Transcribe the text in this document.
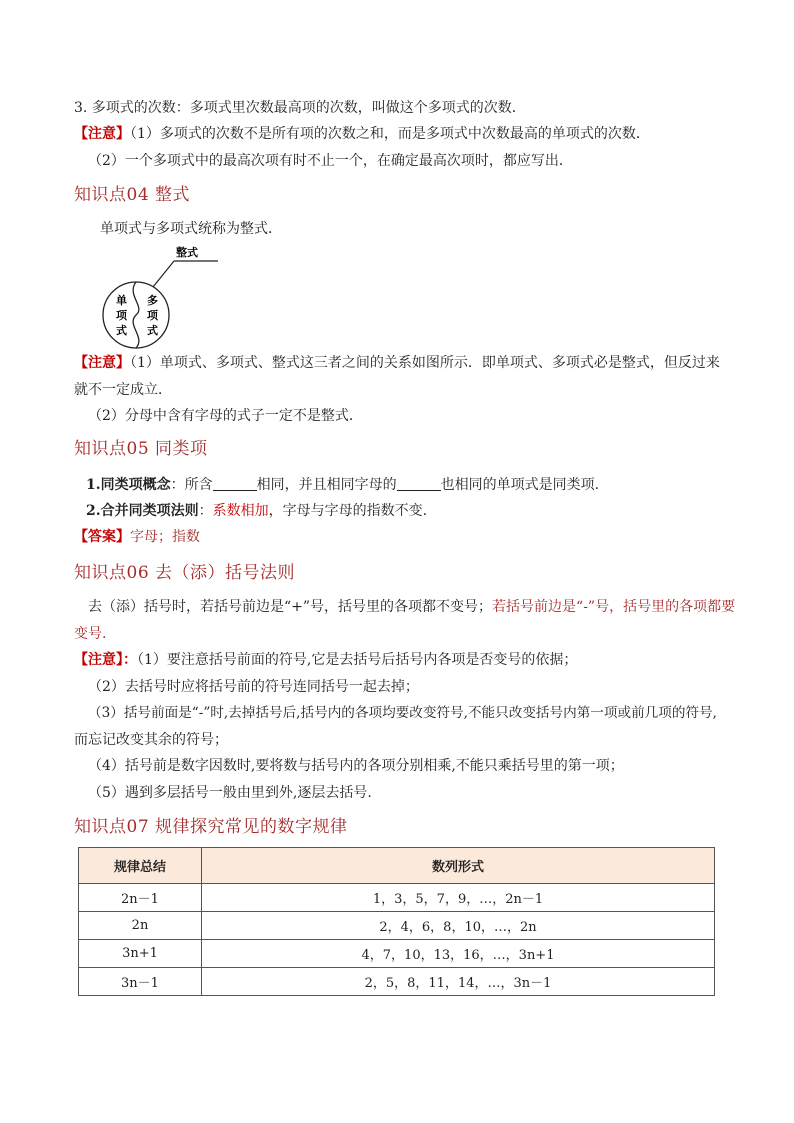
3. 多项式的次数：多项式里次数最高项的次数，叫做这个多项式的次数．
【注意】（1）多项式的次数不是所有项的次数之和，而是多项式中次数最高的单项式的次数．
（2）一个多项式中的最高次项有时不止一个，在确定最高次项时，都应写出．
知识点04 整式
单项式与多项式统称为整式．
整式
单项式
多项式
【注意】（1）单项式、多项式、整式这三者之间的关系如图所示．即单项式、多项式必是整式，但反过来
就不一定成立．
（2）分母中含有字母的式子一定不是整式．
知识点05 同类项
1.同类项概念：所含	相同，并且相同字母的	也相同的单项式是同类项.
2.合并同类项法则：系数相加，字母与字母的指数不变.
【答案】字母；指数
知识点06 去（添）括号法则
去（添）括号时，若括号前边是“+”号，括号里的各项都不变号；若括号前边是“-”号，括号里的各项都要
变号.
【注意】：（1）要注意括号前面的符号,它是去括号后括号内各项是否变号的依据；
（2）去括号时应将括号前的符号连同括号一起去掉；
（3）括号前面是“-”时,去掉括号后,括号内的各项均要改变符号,不能只改变括号内第一项或前几项的符号,
而忘记改变其余的符号；
（4）括号前是数字因数时,要将数与括号内的各项分别相乘,不能只乘括号里的第一项；
（5）遇到多层括号一般由里到外,逐层去括号.
知识点07 规律探究常见的数字规律
规律总结	数列形式
2n－1	1，3，5，7，9，…，2n－1
2n	2，4，6，8，10，…，2n
3n+1	4，7，10，13，16，…，3n+1
3n－1	2，5，8，11，14，…，3n－1
